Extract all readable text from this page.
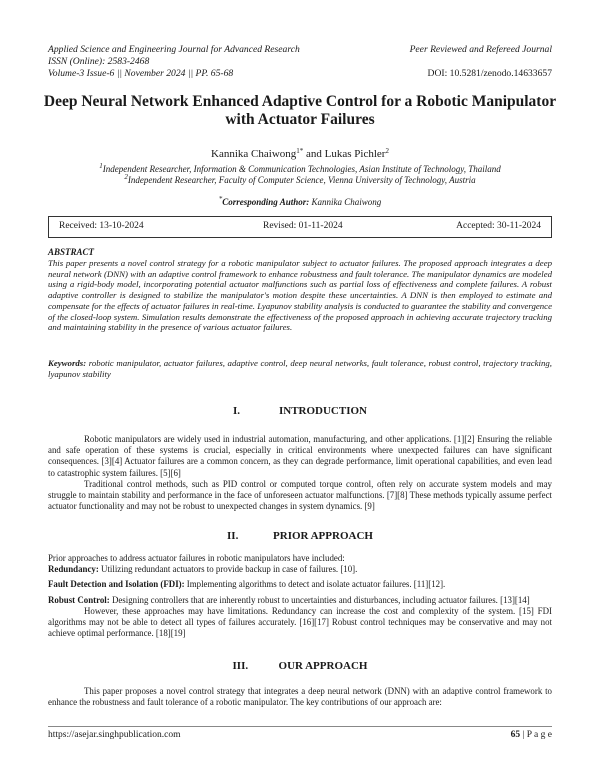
Applied Science and Engineering Journal for Advanced Research
ISSN (Online): 2583-2468
Volume-3 Issue-6 || November 2024 || PP. 65-68
Peer Reviewed and Refereed Journal
DOI: 10.5281/zenodo.14633657
Deep Neural Network Enhanced Adaptive Control for a Robotic Manipulator with Actuator Failures
Kannika Chaiwong$^{1*}$ and Lukas Pichler$^2$
$^1$Independent Researcher, Information & Communication Technologies, Asian Institute of Technology, Thailand
$^2$Independent Researcher, Faculty of Computer Science, Vienna University of Technology, Austria
*Corresponding Author: Kannika Chaiwong
Received: 13-10-2024	Revised: 01-11-2024	Accepted: 30-11-2024
ABSTRACT
This paper presents a novel control strategy for a robotic manipulator subject to actuator failures. The proposed approach integrates a deep neural network (DNN) with an adaptive control framework to enhance robustness and fault tolerance. The manipulator dynamics are modeled using a rigid-body model, incorporating potential actuator malfunctions such as partial loss of effectiveness and complete failures. A robust adaptive controller is designed to stabilize the manipulator's motion despite these uncertainties. A DNN is then employed to estimate and compensate for the effects of actuator failures in real-time. Lyapunov stability analysis is conducted to guarantee the stability and convergence of the closed-loop system. Simulation results demonstrate the effectiveness of the proposed approach in achieving accurate trajectory tracking and maintaining stability in the presence of various actuator failures.
Keywords: robotic manipulator, actuator failures, adaptive control, deep neural networks, fault tolerance, robust control, trajectory tracking, lyapunov stability
I.	INTRODUCTION

Robotic manipulators are widely used in industrial automation, manufacturing, and other applications. [1][2] Ensuring the reliable and safe operation of these systems is crucial, especially in critical environments where unexpected failures can have significant consequences. [3][4] Actuator failures are a common concern, as they can degrade performance, limit operational capabilities, and even lead to catastrophic system failures. [5][6]

Traditional control methods, such as PID control or computed torque control, often rely on accurate system models and may struggle to maintain stability and performance in the face of unforeseen actuator malfunctions. [7][8] These methods typically assume perfect actuator functionality and may not be robust to unexpected changes in system dynamics. [9]

II.	PRIOR APPROACH

Prior approaches to address actuator failures in robotic manipulators have included:

Redundancy: Utilizing redundant actuators to provide backup in case of failures. [10].

Fault Detection and Isolation (FDI): Implementing algorithms to detect and isolate actuator failures. [11][12].

Robust Control: Designing controllers that are inherently robust to uncertainties and disturbances, including actuator failures. [13][14]

However, these approaches may have limitations. Redundancy can increase the cost and complexity of the system. [15] FDI algorithms may not be able to detect all types of failures accurately. [16][17] Robust control techniques may be conservative and may not achieve optimal performance. [18][19]

III.	OUR APPROACH

This paper proposes a novel control strategy that integrates a deep neural network (DNN) with an adaptive control framework to enhance the robustness and fault tolerance of a robotic manipulator. The key contributions of our approach are:

https://asejar.singhpublication.com	65 | P a g e
